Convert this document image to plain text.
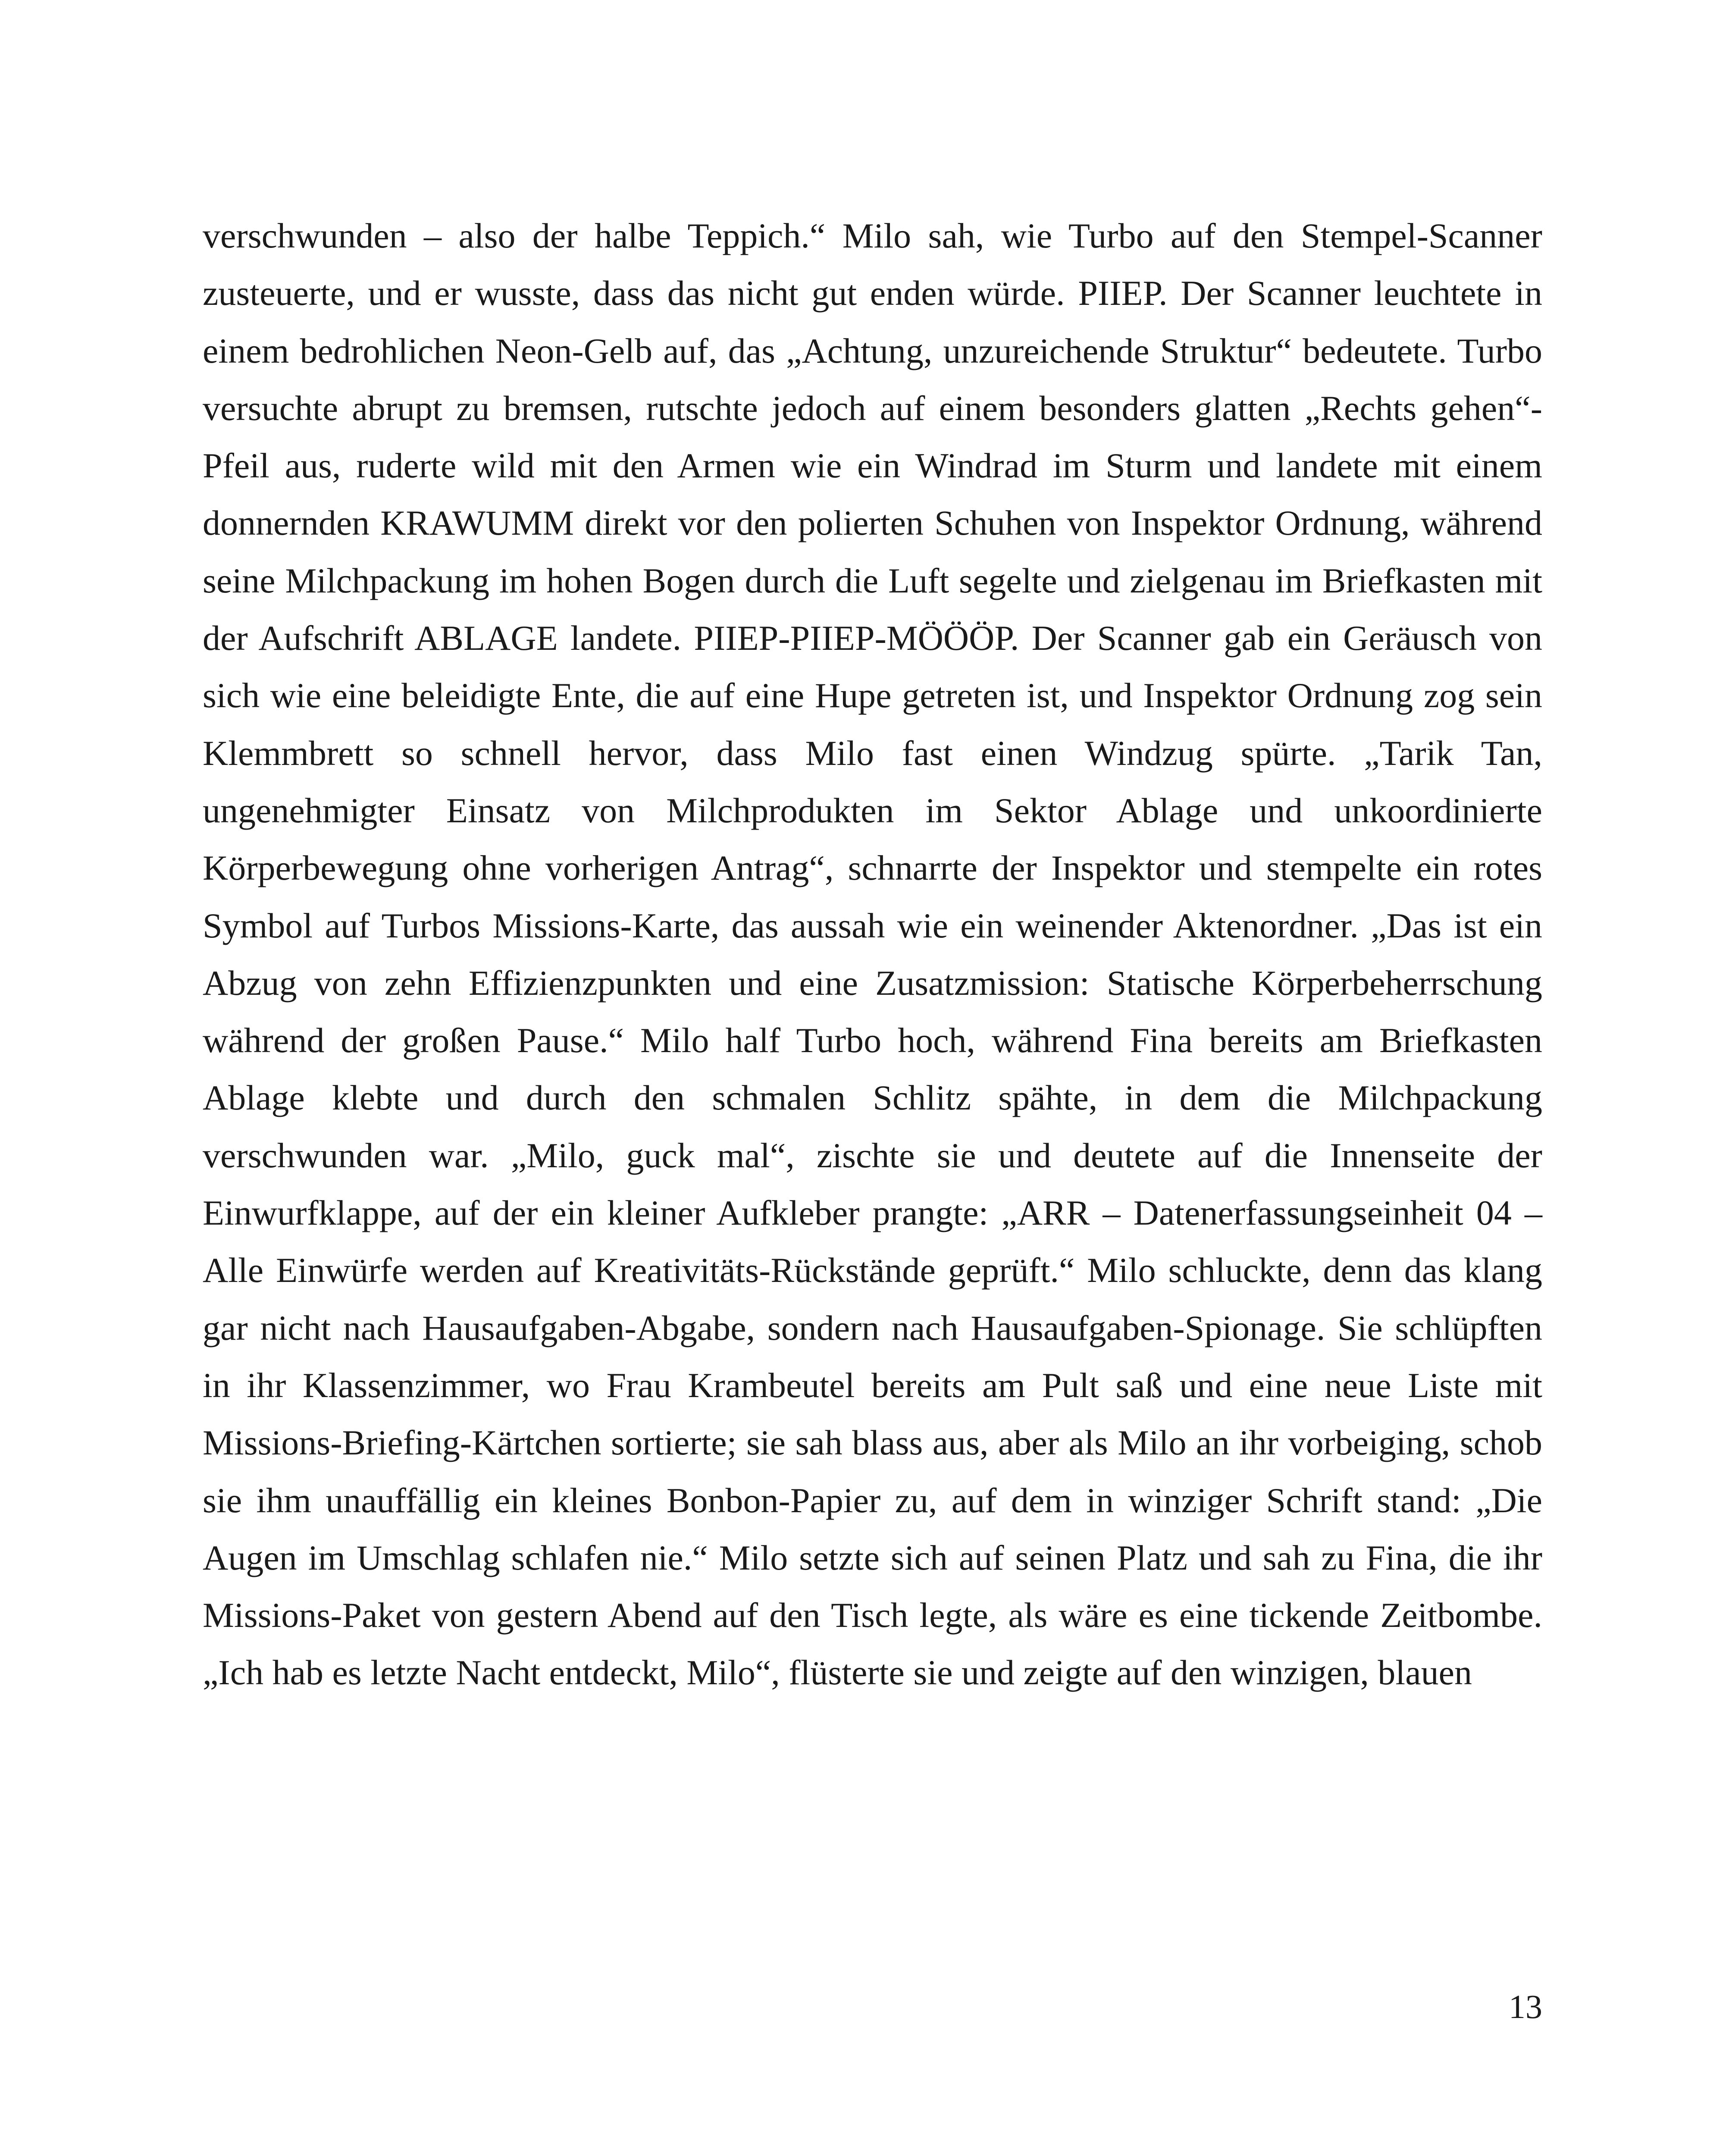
verschwunden – also der halbe Teppich.“ Milo sah, wie Turbo auf den Stempel-Scanner zusteuerte, und er wusste, dass das nicht gut enden würde. PIIEP. Der Scanner leuchtete in einem bedrohlichen Neon-Gelb auf, das „Achtung, unzureichende Struktur“ bedeutete. Turbo versuchte abrupt zu bremsen, rutschte jedoch auf einem besonders glatten „Rechts gehen“-Pfeil aus, ruderte wild mit den Armen wie ein Windrad im Sturm und landete mit einem donnernden KRAWUMM direkt vor den polierten Schuhen von Inspektor Ordnung, während seine Milchpackung im hohen Bogen durch die Luft segelte und zielgenau im Briefkasten mit der Aufschrift ABLAGE landete. PIIEP-PIIEP-MÖÖÖP. Der Scanner gab ein Geräusch von sich wie eine beleidigte Ente, die auf eine Hupe getreten ist, und Inspektor Ordnung zog sein Klemmbrett so schnell hervor, dass Milo fast einen Windzug spürte. „Tarik Tan, ungenehmigter Einsatz von Milchprodukten im Sektor Ablage und unkoordinierte Körperbewegung ohne vorherigen Antrag“, schnarrte der Inspektor und stempelte ein rotes Symbol auf Turbos Missions-Karte, das aussah wie ein weinender Aktenordner. „Das ist ein Abzug von zehn Effizienzpunkten und eine Zusatzmission: Statische Körperbeherrschung während der großen Pause.“ Milo half Turbo hoch, während Fina bereits am Briefkasten Ablage klebte und durch den schmalen Schlitz spähte, in dem die Milchpackung verschwunden war. „Milo, guck mal“, zischte sie und deutete auf die Innenseite der Einwurfklappe, auf der ein kleiner Aufkleber prangte: „ARR – Datenerfassungseinheit 04 – Alle Einwürfe werden auf Kreativitäts-Rückstände geprüft.“ Milo schluckte, denn das klang gar nicht nach Hausaufgaben-Abgabe, sondern nach Hausaufgaben-Spionage. Sie schlüpften in ihr Klassenzimmer, wo Frau Krambeutel bereits am Pult saß und eine neue Liste mit Missions-Briefing-Kärtchen sortierte; sie sah blass aus, aber als Milo an ihr vorbeiging, schob sie ihm unauffällig ein kleines Bonbon-Papier zu, auf dem in winziger Schrift stand: „Die Augen im Umschlag schlafen nie.“ Milo setzte sich auf seinen Platz und sah zu Fina, die ihr Missions-Paket von gestern Abend auf den Tisch legte, als wäre es eine tickende Zeitbombe. „Ich hab es letzte Nacht entdeckt, Milo“, flüsterte sie und zeigte auf den winzigen, blauen

13
